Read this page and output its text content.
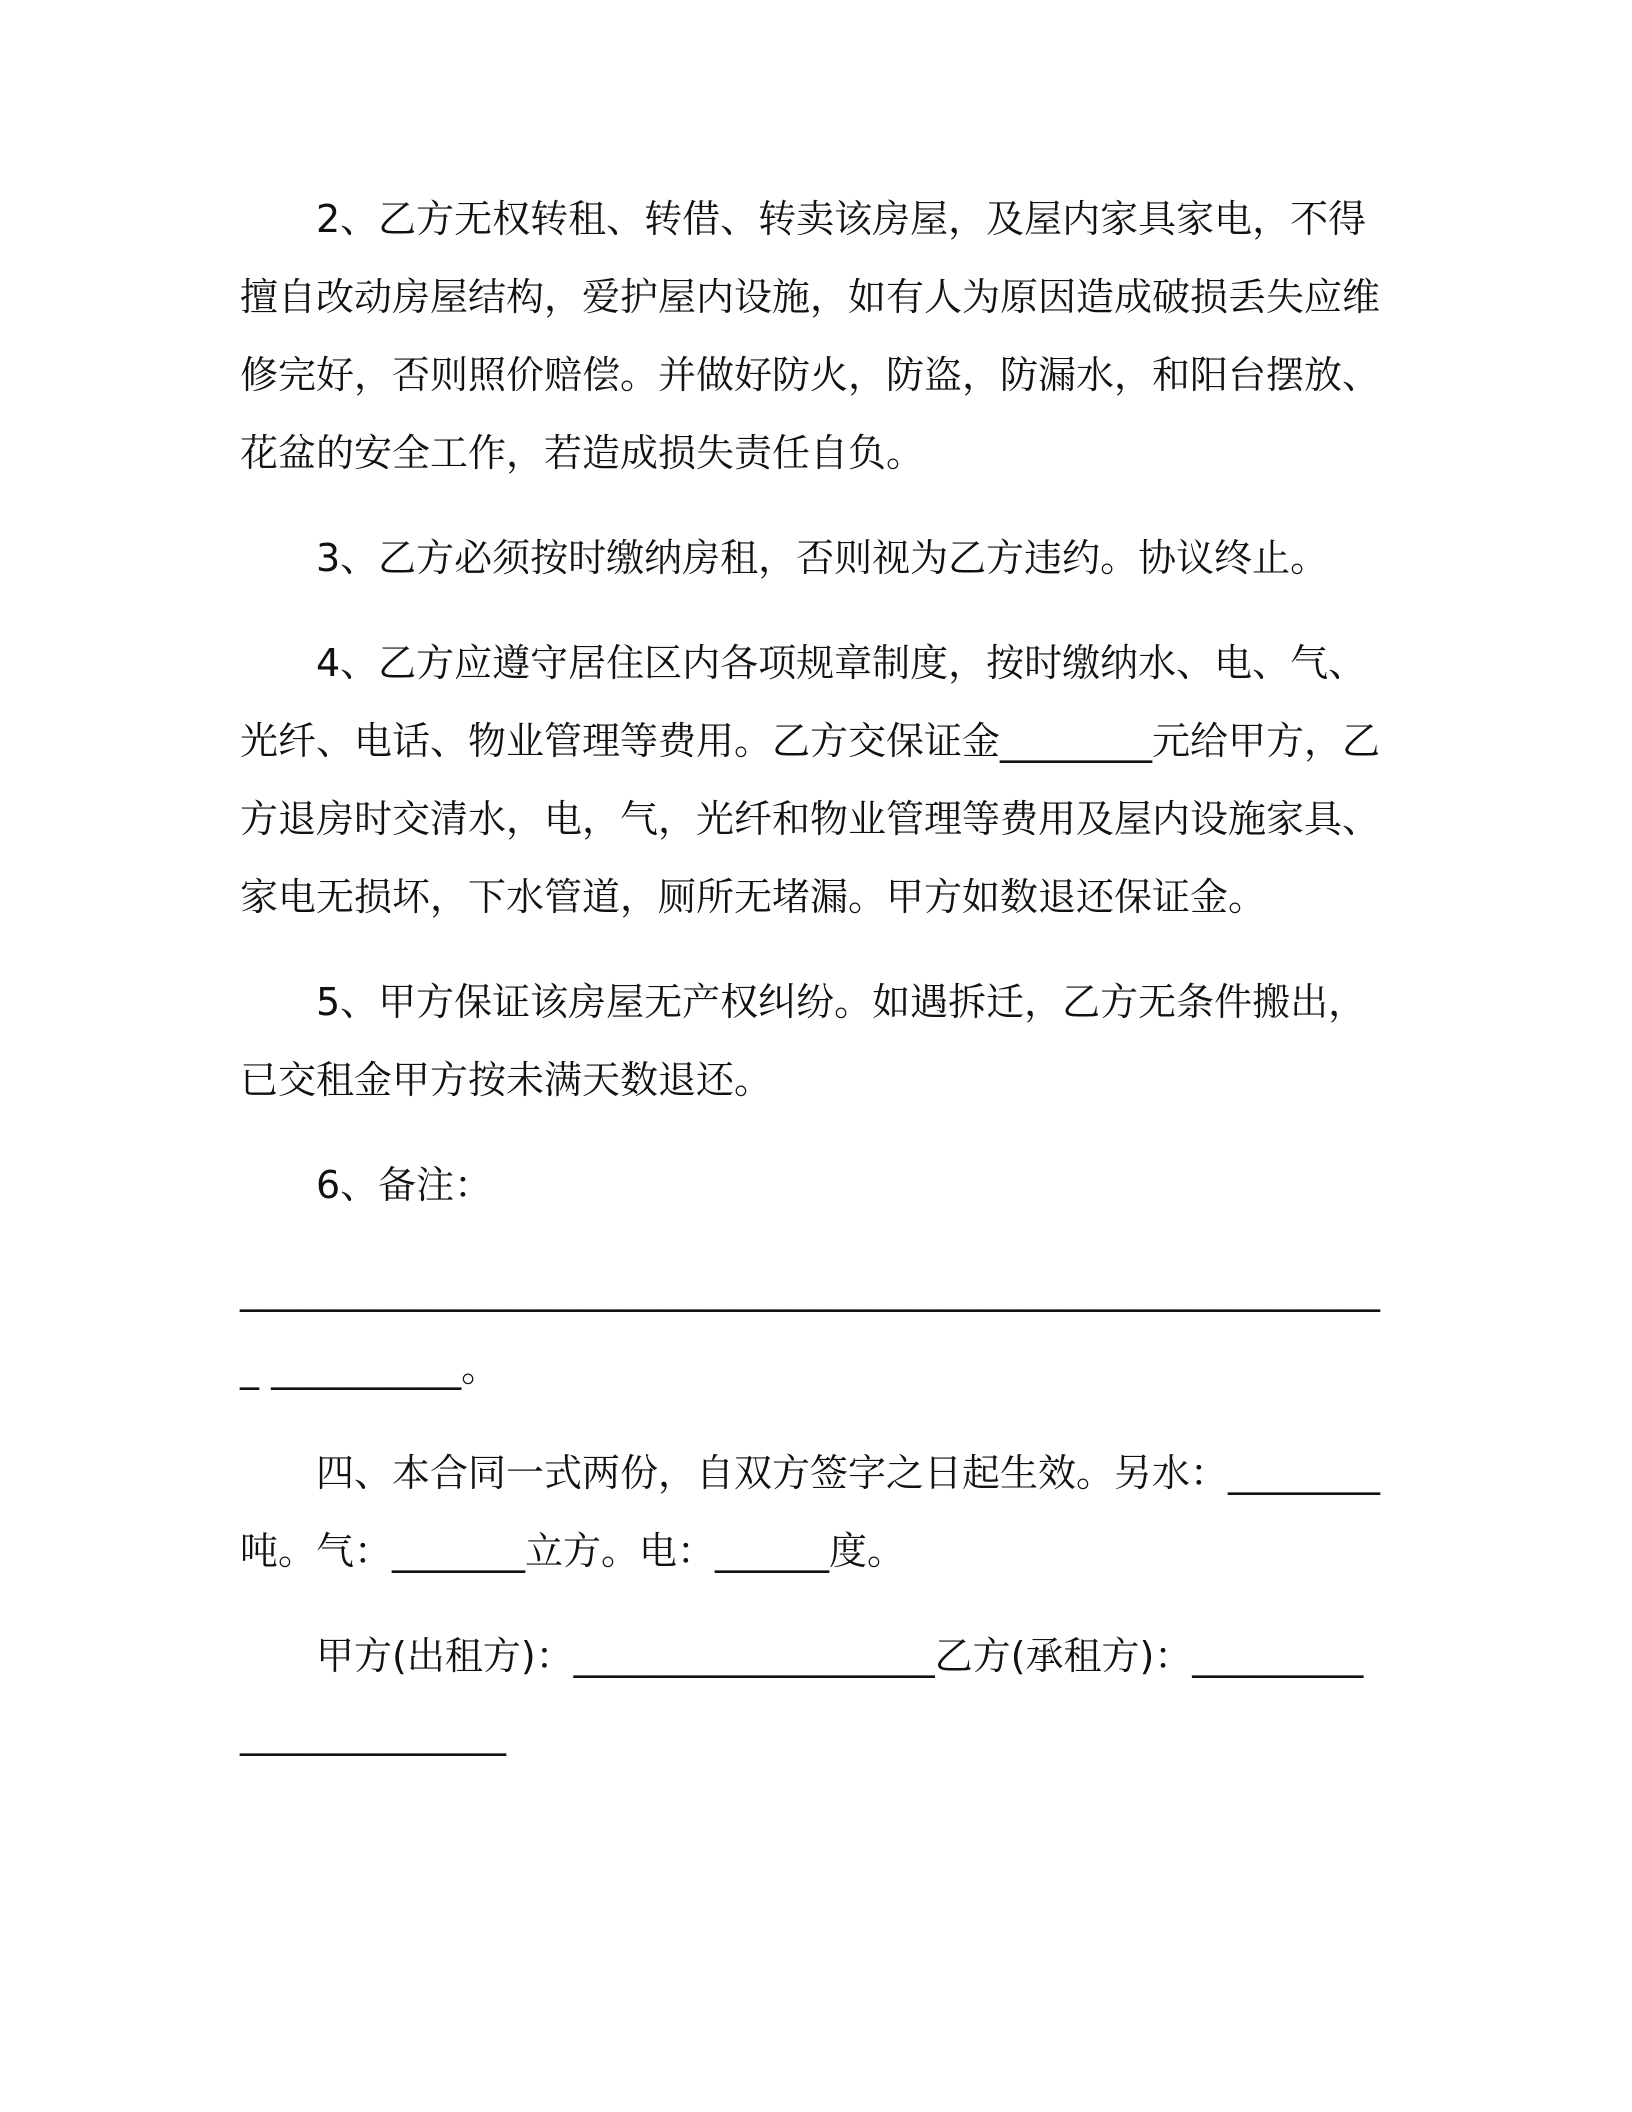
2、乙方无权转租、转借、转卖该房屋，及屋内家具家电，不得擅自改动房屋结构，爱护屋内设施，如有人为原因造成破损丢失应维修完好，否则照价赔偿。并做好防火，防盗，防漏水，和阳台摆放、花盆的安全工作，若造成损失责任自负。

3、乙方必须按时缴纳房租，否则视为乙方违约。协议终止。

4、乙方应遵守居住区内各项规章制度，按时缴纳水、电、气、光纤、电话、物业管理等费用。乙方交保证金________元给甲方，乙方退房时交清水，电，气，光纤和物业管理等费用及屋内设施家具、家电无损坏，下水管道，厕所无堵漏。甲方如数退还保证金。

5、甲方保证该房屋无产权纠纷。如遇拆迁，乙方无条件搬出，已交租金甲方按未满天数退还。

6、备注：

_____________________________________________________________ __________。

四、本合同一式两份，自双方签字之日起生效。另水：________吨。气：_______立方。电：______度。

甲方(出租方)：___________________乙方(承租方)：_______________________
